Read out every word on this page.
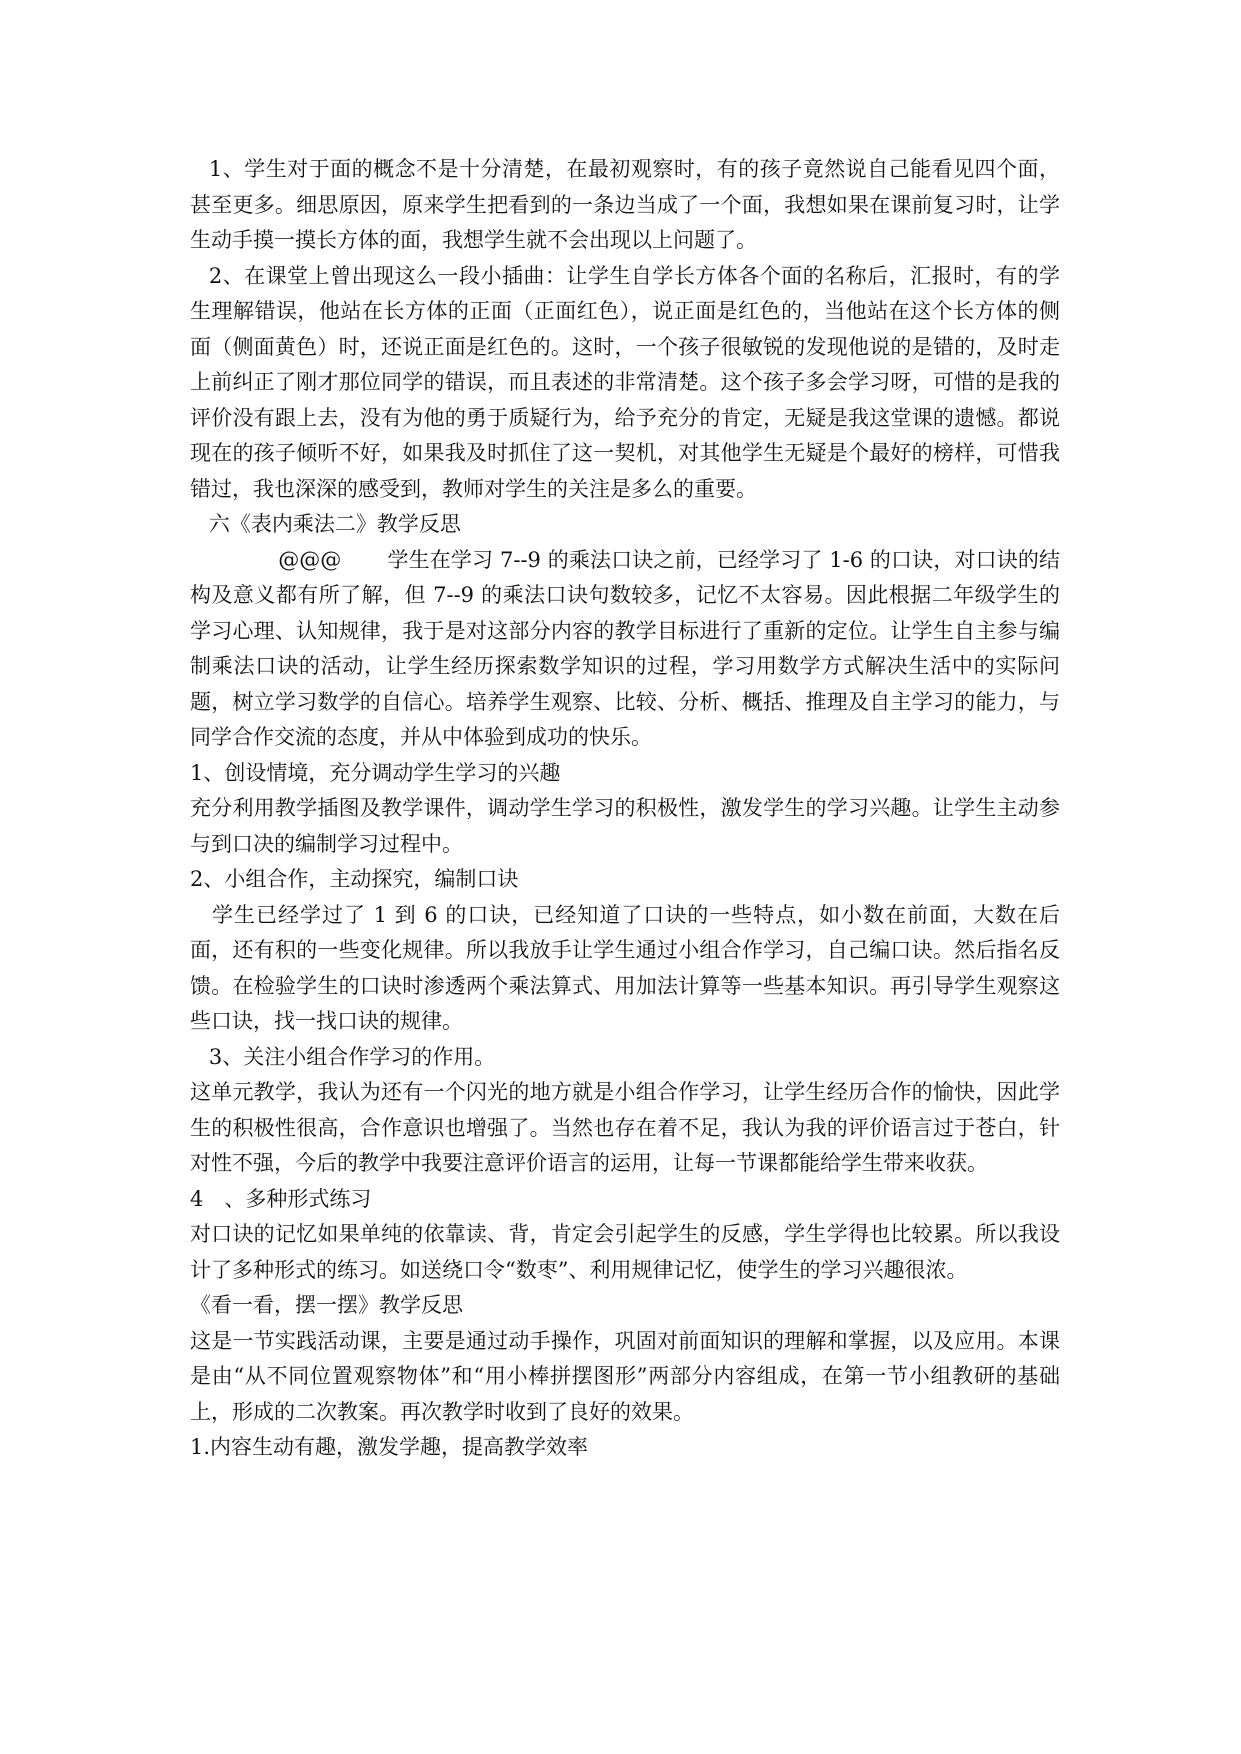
1、学生对于面的概念不是十分清楚，在最初观察时，有的孩子竟然说自己能看见四个面，甚至更多。细思原因，原来学生把看到的一条边当成了一个面，我想如果在课前复习时，让学生动手摸一摸长方体的面，我想学生就不会出现以上问题了。

2、在课堂上曾出现这么一段小插曲：让学生自学长方体各个面的名称后，汇报时，有的学生理解错误，他站在长方体的正面（正面红色），说正面是红色的，当他站在这个长方体的侧面（侧面黄色）时，还说正面是红色的。这时，一个孩子很敏锐的发现他说的是错的，及时走上前纠正了刚才那位同学的错误，而且表述的非常清楚。这个孩子多会学习呀，可惜的是我的评价没有跟上去，没有为他的勇于质疑行为，给予充分的肯定，无疑是我这堂课的遗憾。都说现在的孩子倾听不好，如果我及时抓住了这一契机，对其他学生无疑是个最好的榜样，可惜我错过，我也深深的感受到，教师对学生的关注是多么的重要。

六《表内乘法二》教学反思

@@@ 学生在学习 7--9 的乘法口诀之前，已经学习了 1-6 的口诀，对口诀的结构及意义都有所了解，但 7--9 的乘法口诀句数较多，记忆不太容易。因此根据二年级学生的学习心理、认知规律，我于是对这部分内容的教学目标进行了重新的定位。让学生自主参与编制乘法口诀的活动，让学生经历探索数学知识的过程，学习用数学方式解决生活中的实际问题，树立学习数学的自信心。培养学生观察、比较、分析、概括、推理及自主学习的能力，与同学合作交流的态度，并从中体验到成功的快乐。

1、创设情境，充分调动学生学习的兴趣

充分利用教学插图及教学课件，调动学生学习的积极性，激发学生的学习兴趣。让学生主动参与到口决的编制学习过程中。

2、小组合作，主动探究，编制口诀

学生已经学过了 1 到 6 的口诀，已经知道了口诀的一些特点，如小数在前面，大数在后面，还有积的一些变化规律。所以我放手让学生通过小组合作学习，自己编口诀。然后指名反馈。在检验学生的口诀时渗透两个乘法算式、用加法计算等一些基本知识。再引导学生观察这些口诀，找一找口诀的规律。

3、关注小组合作学习的作用。

这单元教学，我认为还有一个闪光的地方就是小组合作学习，让学生经历合作的愉快，因此学生的积极性很高，合作意识也增强了。当然也存在着不足，我认为我的评价语言过于苍白，针对性不强，今后的教学中我要注意评价语言的运用，让每一节课都能给学生带来收获。

4　、多种形式练习

对口诀的记忆如果单纯的依靠读、背，肯定会引起学生的反感，学生学得也比较累。所以我设计了多种形式的练习。如送绕口令“数枣”、利用规律记忆，使学生的学习兴趣很浓。

《看一看，摆一摆》教学反思

这是一节实践活动课，主要是通过动手操作，巩固对前面知识的理解和掌握，以及应用。本课是由“从不同位置观察物体”和“用小棒拼摆图形”两部分内容组成，在第一节小组教研的基础上，形成的二次教案。再次教学时收到了良好的效果。

1.内容生动有趣，激发学趣，提高教学效率
